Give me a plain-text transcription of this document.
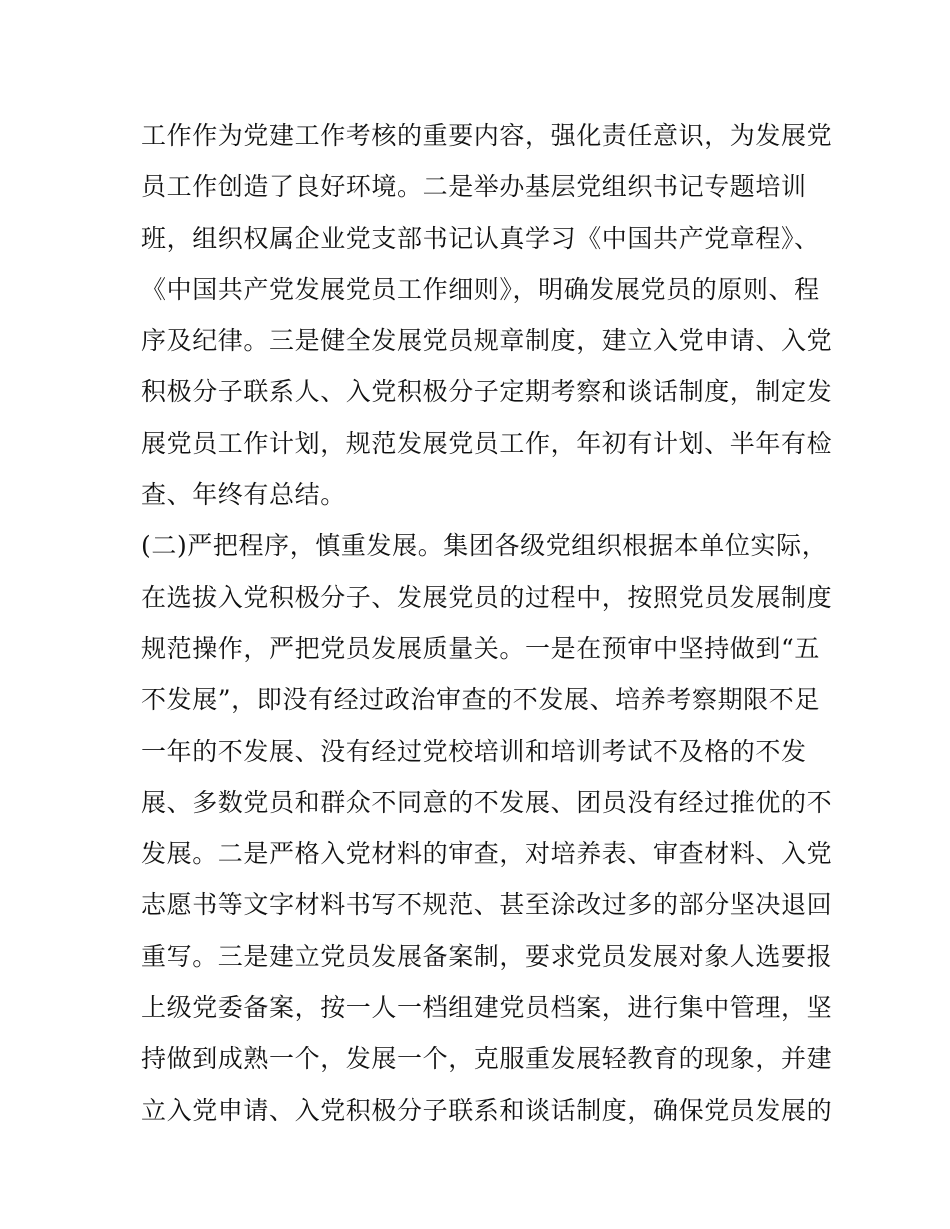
工作作为党建工作考核的重要内容，强化责任意识，为发展党
员工作创造了良好环境。二是举办基层党组织书记专题培训
班，组织权属企业党支部书记认真学习《中国共产党章程》、
《中国共产党发展党员工作细则》，明确发展党员的原则、程
序及纪律。三是健全发展党员规章制度，建立入党申请、入党
积极分子联系人、入党积极分子定期考察和谈话制度，制定发
展党员工作计划，规范发展党员工作，年初有计划、半年有检
查、年终有总结。
(二)严把程序，慎重发展。集团各级党组织根据本单位实际，
在选拔入党积极分子、发展党员的过程中，按照党员发展制度
规范操作，严把党员发展质量关。一是在预审中坚持做到“五
不发展”，即没有经过政治审查的不发展、培养考察期限不足
一年的不发展、没有经过党校培训和培训考试不及格的不发
展、多数党员和群众不同意的不发展、团员没有经过推优的不
发展。二是严格入党材料的审查，对培养表、审查材料、入党
志愿书等文字材料书写不规范、甚至涂改过多的部分坚决退回
重写。三是建立党员发展备案制，要求党员发展对象人选要报
上级党委备案，按一人一档组建党员档案，进行集中管理，坚
持做到成熟一个，发展一个，克服重发展轻教育的现象，并建
立入党申请、入党积极分子联系和谈话制度，确保党员发展的
